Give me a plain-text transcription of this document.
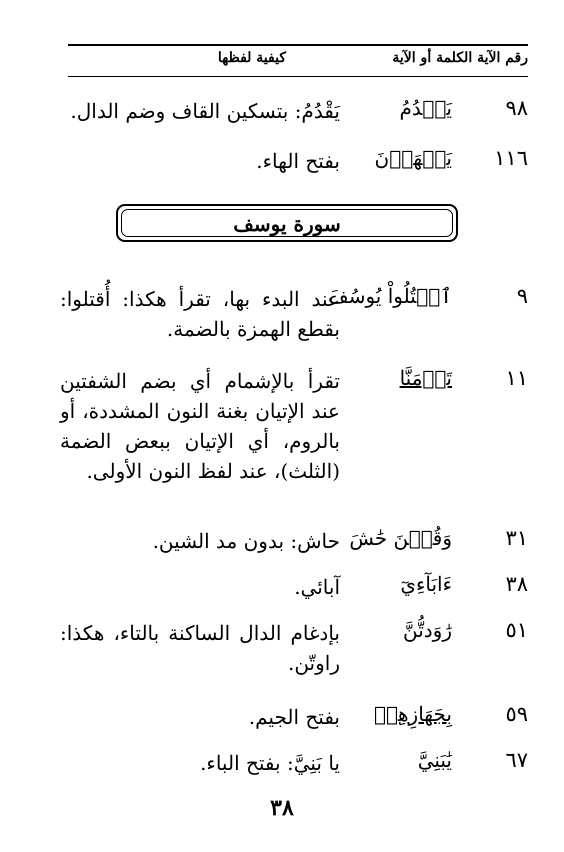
رقم الآية الكلمة أو الآية
كيفية لفظها
٩٨
يَقۡدُمُ
يَقْدُمُ: بتسكين القاف وضم الدال.
١١٦
يَنۡهَوۡنَ
بفتح الهاء.
سورة يوسف
٩
ٱقۡتُلُواْ يُوسُفَ
عند البدء بها، تقرأ هكذا: أُقتلوا: بقطع الهمزة بالضمة.
١١
تَأۡمَنَّا
تقرأ بالإشمام أي بضم الشفتين عند الإتيان بغنة النون المشددة، أو بالروم، أي الإتيان ببعض الضمة (الثلث)، عند لفظ النون الأولى.
٣١
وَقُلۡنَ حَٰشَ
حاش: بدون مد الشين.
٣٨
ءَابَآءِيٓ
آبائي.
٥١
رَٰوَدتُّنَّ
بإدغام الدال الساكنة بالتاء، هكذا: راوتّن.
٥٩
بِجَهَازِهِمۡ
بفتح الجيم.
٦٧
يَٰبَنِيَّ
يا بَنِيَّ: بفتح الباء.
٣٨
